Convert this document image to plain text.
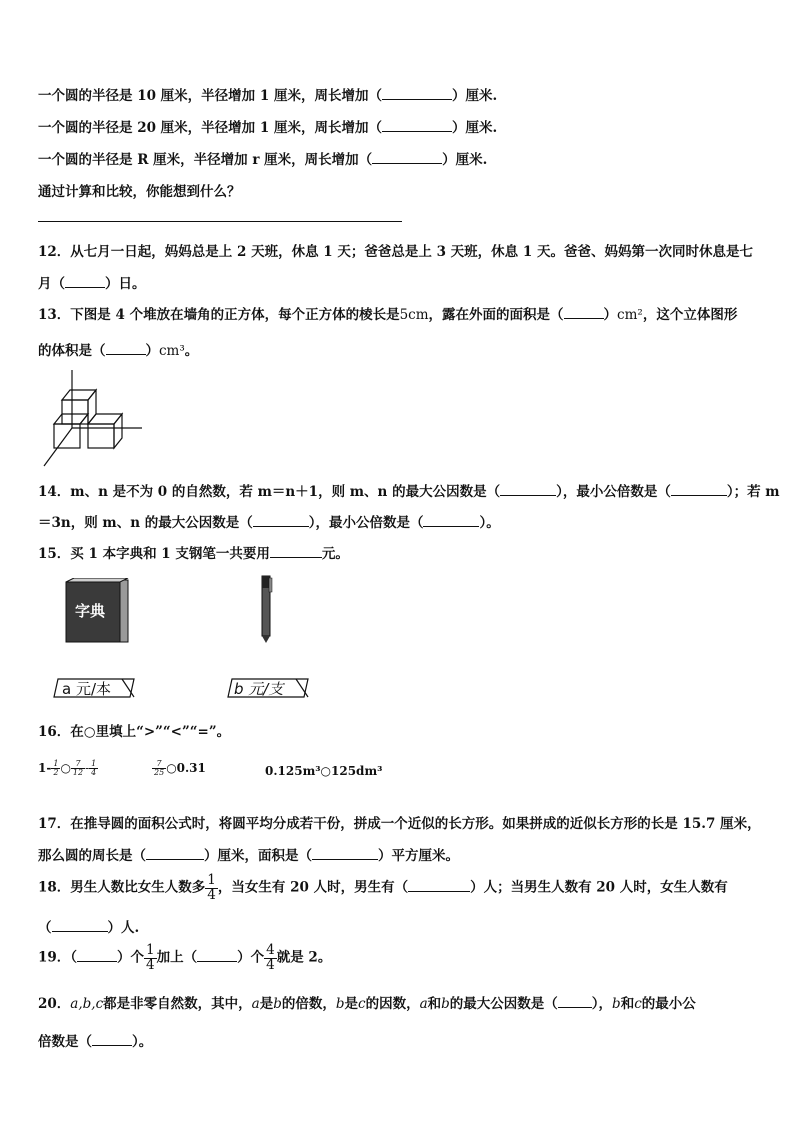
一个圆的半径是 10 厘米，半径增加 1 厘米，周长增加（	）厘米.
一个圆的半径是 20 厘米，半径增加 1 厘米，周长增加（	）厘米.
一个圆的半径是 R 厘米，半径增加 r 厘米，周长增加（	）厘米.
通过计算和比较，你能想到什么？
12．从七月一日起，妈妈总是上 2 天班，休息 1 天；爸爸总是上 3 天班，休息 1 天。爸爸、妈妈第一次同时休息是七
月（	）日。
13．下图是 4 个堆放在墙角的正方体，每个正方体的棱长是5cm，露在外面的面积是（	）cm²，这个立体图形
的体积是（	）cm³。
14．m、n 是不为 0 的自然数，若 m＝n＋1，则 m、n 的最大公因数是（	），最小公倍数是（	）；若 m
＝3n，则 m、n 的最大公因数是（	），最小公倍数是（	）。
15．买 1 本字典和 1 支钢笔一共要用	元。
字典
a 元/本	b 元/支
16．在○里填上“>”“<”“=”。
$1- \frac{1}{2}$ ○ $\frac{7}{12} - \frac{1}{4}$	$\frac{7}{25}$ ○0.31	0.125m³○125dm³
17．在推导圆的面积公式时，将圆平均分成若干份，拼成一个近似的长方形。如果拼成的近似长方形的长是 15.7 厘米，
那么圆的周长是（	）厘米，面积是（	）平方厘米。
18．男生人数比女生人数多 $\frac{1}{4}$ ，当女生有 20 人时，男生有（	）人；当男生人数有 20 人时，女生人数有
（	）人.
19．（	）个 $\frac{1}{4}$ 加上（	）个 $\frac{4}{4}$ 就是 2。
20．a,b,c都是非零自然数，其中，a是b的倍数，b是c的因数，a和b的最大公因数是（	），b和c的最小公
倍数是（	）。
